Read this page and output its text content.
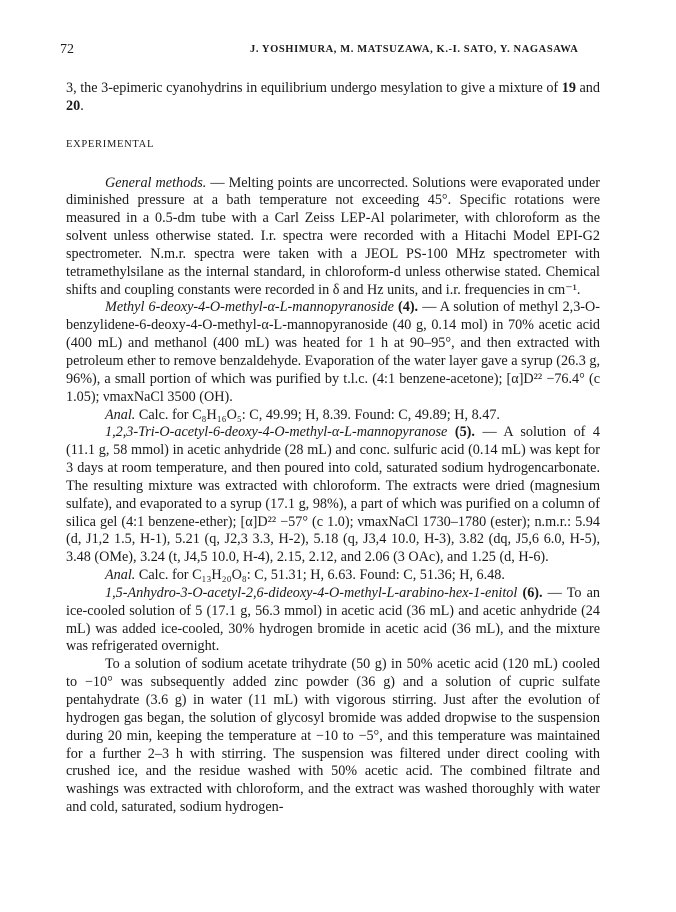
72	J. YOSHIMURA, M. MATSUZAWA, K.-I. SATO, Y. NAGASAWA

3, the 3-epimeric cyanohydrins in equilibrium undergo mesylation to give a mixture of 19 and 20.

EXPERIMENTAL

General methods. — Melting points are uncorrected. Solutions were evaporated under diminished pressure at a bath temperature not exceeding 45°. Specific rotations were measured in a 0.5-dm tube with a Carl Zeiss LEP-Al polarimeter, with chloroform as the solvent unless otherwise stated. I.r. spectra were recorded with a Hitachi Model EPI-G2 spectrometer. N.m.r. spectra were taken with a JEOL PS-100 MHz spectrometer with tetramethylsilane as the internal standard, in chloroform-d unless otherwise stated. Chemical shifts and coupling constants were recorded in δ and Hz units, and i.r. frequencies in cm⁻¹.

Methyl 6-deoxy-4-O-methyl-α-L-mannopyranoside (4). — A solution of methyl 2,3-O-benzylidene-6-deoxy-4-O-methyl-α-L-mannopyranoside (40 g, 0.14 mol) in 70% acetic acid (400 mL) and methanol (400 mL) was heated for 1 h at 90–95°, and then extracted with petroleum ether to remove benzaldehyde. Evaporation of the water layer gave a syrup (26.3 g, 96%), a small portion of which was purified by t.l.c. (4:1 benzene-acetone); [α]D²² −76.4° (c 1.05); νmaxNaCl 3500 (OH).

Anal. Calc. for C₈H₁₆O₅: C, 49.99; H, 8.39. Found: C, 49.89; H, 8.47.

1,2,3-Tri-O-acetyl-6-deoxy-4-O-methyl-α-L-mannopyranose (5). — A solution of 4 (11.1 g, 58 mmol) in acetic anhydride (28 mL) and conc. sulfuric acid (0.14 mL) was kept for 3 days at room temperature, and then poured into cold, saturated sodium hydrogencarbonate. The resulting mixture was extracted with chloroform. The extracts were dried (magnesium sulfate), and evaporated to a syrup (17.1 g, 98%), a part of which was purified on a column of silica gel (4:1 benzene-ether); [α]D²² −57° (c 1.0); νmaxNaCl 1730–1780 (ester); n.m.r.: 5.94 (d, J1,2 1.5, H-1), 5.21 (q, J2,3 3.3, H-2), 5.18 (q, J3,4 10.0, H-3), 3.82 (dq, J5,6 6.0, H-5), 3.48 (OMe), 3.24 (t, J4,5 10.0, H-4), 2.15, 2.12, and 2.06 (3 OAc), and 1.25 (d, H-6).

Anal. Calc. for C₁₃H₂₀O₈: C, 51.31; H, 6.63. Found: C, 51.36; H, 6.48.

1,5-Anhydro-3-O-acetyl-2,6-dideoxy-4-O-methyl-L-arabino-hex-1-enitol (6). — To an ice-cooled solution of 5 (17.1 g, 56.3 mmol) in acetic acid (36 mL) and acetic anhydride (24 mL) was added ice-cooled, 30% hydrogen bromide in acetic acid (36 mL), and the mixture was refrigerated overnight.

To a solution of sodium acetate trihydrate (50 g) in 50% acetic acid (120 mL) cooled to −10° was subsequently added zinc powder (36 g) and a solution of cupric sulfate pentahydrate (3.6 g) in water (11 mL) with vigorous stirring. Just after the evolution of hydrogen gas began, the solution of glycosyl bromide was added dropwise to the suspension during 20 min, keeping the temperature at −10 to −5°, and this temperature was maintained for a further 2–3 h with stirring. The suspension was filtered under direct cooling with crushed ice, and the residue washed with 50% acetic acid. The combined filtrate and washings was extracted with chloroform, and the extract was washed thoroughly with water and cold, saturated, sodium hydrogen-
